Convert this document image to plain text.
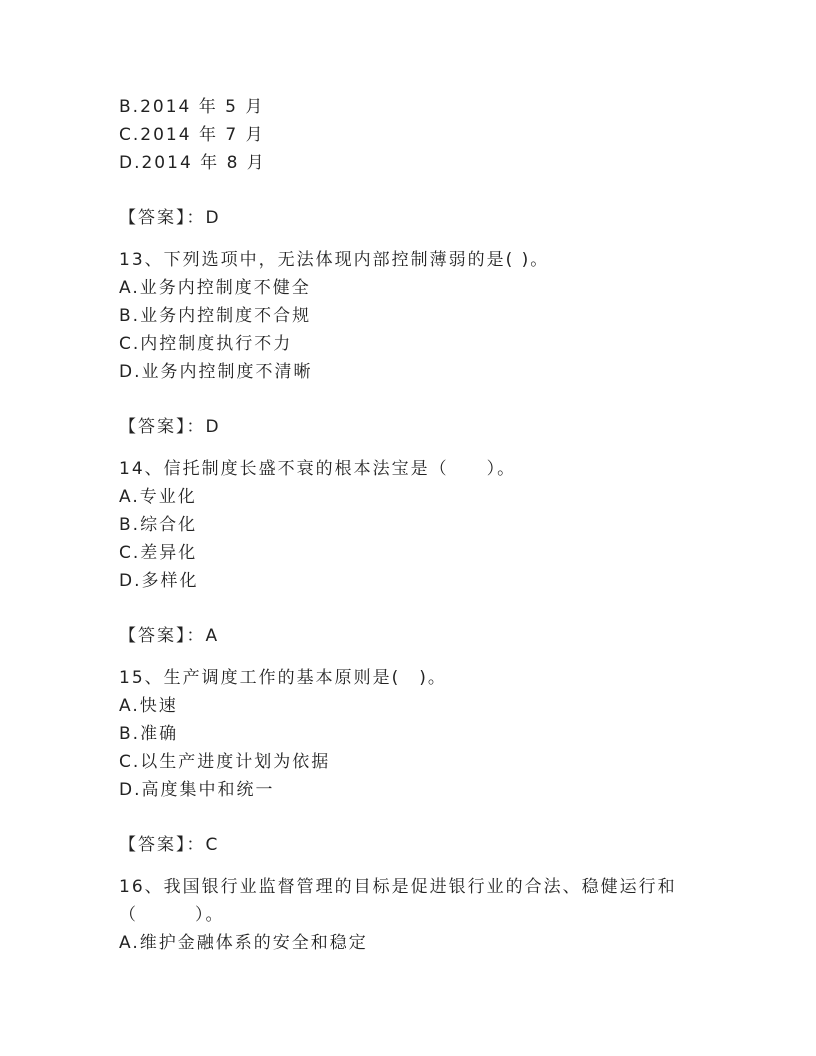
B.2014 年 5 月
C.2014 年 7 月
D.2014 年 8 月
【答案】：D
13、下列选项中，无法体现内部控制薄弱的是( )。
A.业务内控制度不健全
B.业务内控制度不合规
C.内控制度执行不力
D.业务内控制度不清晰
【答案】：D
14、信托制度长盛不衰的根本法宝是（　　）。
A.专业化
B.综合化
C.差异化
D.多样化
【答案】：A
15、生产调度工作的基本原则是(　)。
A.快速
B.准确
C.以生产进度计划为依据
D.高度集中和统一
【答案】：C
16、我国银行业监督管理的目标是促进银行业的合法、稳健运行和
（　　　）。
A.维护金融体系的安全和稳定
